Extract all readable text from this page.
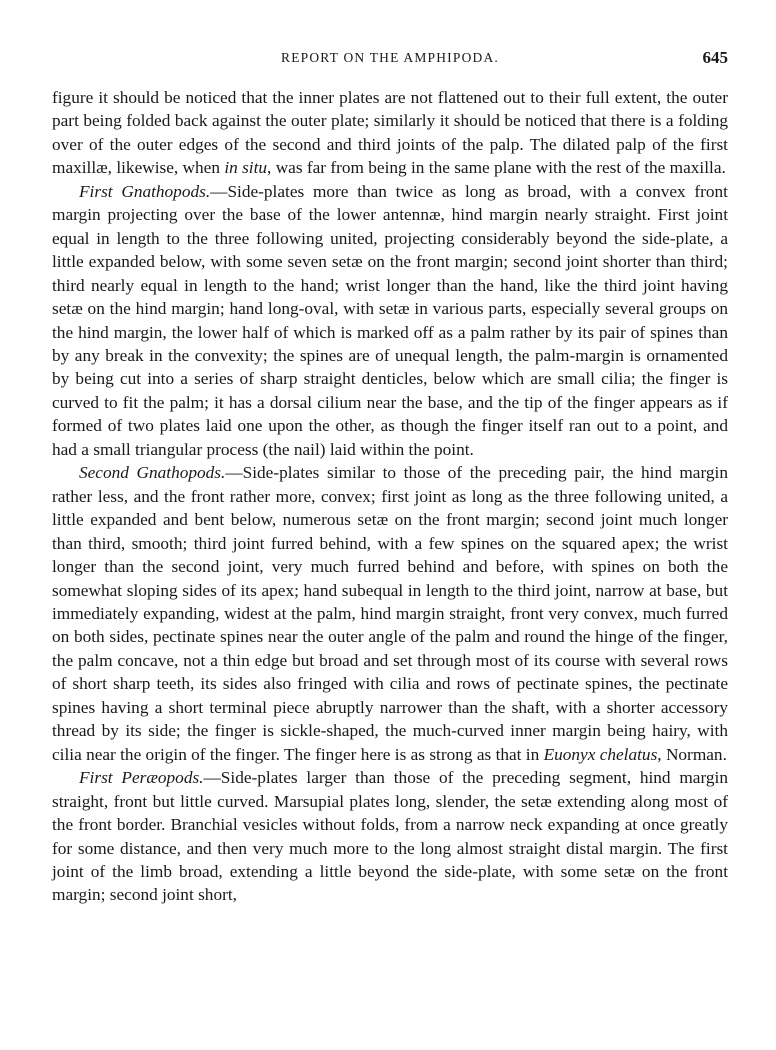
REPORT ON THE AMPHIPODA.	645

figure it should be noticed that the inner plates are not flattened out to their full extent, the outer part being folded back against the outer plate; similarly it should be noticed that there is a folding over of the outer edges of the second and third joints of the palp. The dilated palp of the first maxillæ, likewise, when in situ, was far from being in the same plane with the rest of the maxilla.

First Gnathopods.—Side-plates more than twice as long as broad, with a convex front margin projecting over the base of the lower antennæ, hind margin nearly straight. First joint equal in length to the three following united, projecting considerably beyond the side-plate, a little expanded below, with some seven setæ on the front margin; second joint shorter than third; third nearly equal in length to the hand; wrist longer than the hand, like the third joint having setæ on the hind margin; hand long-oval, with setæ in various parts, especially several groups on the hind margin, the lower half of which is marked off as a palm rather by its pair of spines than by any break in the convexity; the spines are of unequal length, the palm-margin is ornamented by being cut into a series of sharp straight denticles, below which are small cilia; the finger is curved to fit the palm; it has a dorsal cilium near the base, and the tip of the finger appears as if formed of two plates laid one upon the other, as though the finger itself ran out to a point, and had a small triangular process (the nail) laid within the point.

Second Gnathopods.—Side-plates similar to those of the preceding pair, the hind margin rather less, and the front rather more, convex; first joint as long as the three following united, a little expanded and bent below, numerous setæ on the front margin; second joint much longer than third, smooth; third joint furred behind, with a few spines on the squared apex; the wrist longer than the second joint, very much furred behind and before, with spines on both the somewhat sloping sides of its apex; hand subequal in length to the third joint, narrow at base, but immediately expanding, widest at the palm, hind margin straight, front very convex, much furred on both sides, pectinate spines near the outer angle of the palm and round the hinge of the finger, the palm concave, not a thin edge but broad and set through most of its course with several rows of short sharp teeth, its sides also fringed with cilia and rows of pectinate spines, the pectinate spines having a short terminal piece abruptly narrower than the shaft, with a shorter accessory thread by its side; the finger is sickle-shaped, the much-curved inner margin being hairy, with cilia near the origin of the finger. The finger here is as strong as that in Euonyx chelatus, Norman.

First Peræopods.—Side-plates larger than those of the preceding segment, hind margin straight, front but little curved. Marsupial plates long, slender, the setæ extending along most of the front border. Branchial vesicles without folds, from a narrow neck expanding at once greatly for some distance, and then very much more to the long almost straight distal margin. The first joint of the limb broad, extending a little beyond the side-plate, with some setæ on the front margin; second joint short,
